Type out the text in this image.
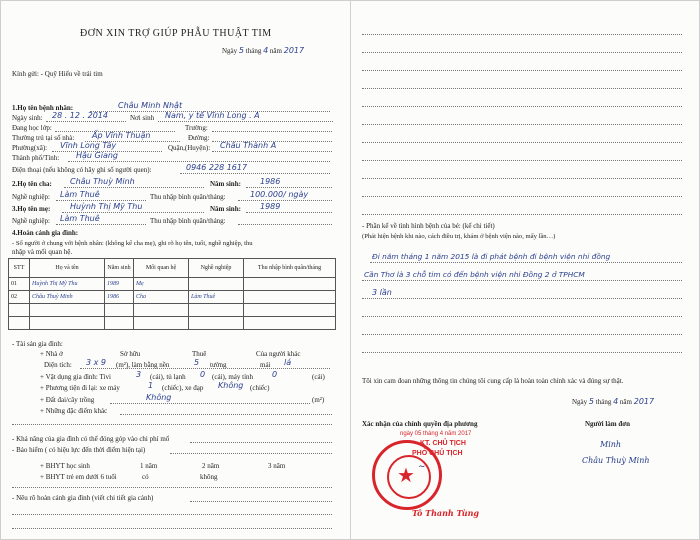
ĐƠN XIN TRỢ GIÚP PHẪU THUẬT TIM
Ngày 5 tháng 4 năm 2017
Kính gửi: - Quỹ Hiểu về trái tim
1.Họ tên bệnh nhân:	Châu Minh Nhật
Ngày sinh: 28 . 12 . 2014	Nơi sinh Nam, y tế Vĩnh Long . A
Đang học lớp:	Trường:
Thường trú tại số nhà: Ấp Vĩnh Thuận	Đường:
Phường(xã): Vĩnh Long Tây	Quận,(Huyện): Châu Thành A
Thành phố/Tỉnh: Hậu Giang
Điện thoại (nếu không có hãy ghi số người quen):	0946 228 1617
2.Họ tên cha: Châu Thuỳ Minh	Năm sinh: 1986
Nghề nghiệp: Làm Thuê	Thu nhập bình quân/tháng:	100.000/ ngày
3.Họ tên mẹ: Huỳnh Thị Mỹ Thu	Năm sinh: 1989
Nghề nghiệp: Làm Thuê	Thu nhập bình quân/tháng:
4.Hoàn cảnh gia đình:
- Số người ở chung với bệnh nhân: (không kể cha mẹ), ghi rõ họ tên, tuổi, nghề nghiệp, thu
nhập và mối quan hệ.
STT	Họ và tên	Năm sinh	Mối quan hệ	Nghề nghiệp	Thu nhập bình quân/tháng
01	Huỳnh Thị Mỹ Thu	1989	Mẹ		
02	Châu Thuỳ Minh	1986	Cha	Làm Thuê	

- Tài sản gia đình:
Sở hữu	Thuê	Của người khác
+ Nhà ở
Diện tích: 3 x 9 (m²), làm bằng nền	5 tường	mái lá
+ Vật dụng gia đình: Tivi	3 (cái), tủ lạnh 0 (cái), máy tính 0	(cái)
+ Phương tiện đi lại: xe máy	1 (chiếc), xe đạp Không (chiếc)
+ Đất đai/cây trồng	Không	(m²)
+ Những đặc điểm khác
- Khả năng của gia đình có thể đóng góp vào chi phí mổ
- Bảo hiểm ( có hiệu lực đến thời điểm hiện tại)
+ BHYT học sinh	1 năm	2 năm	3 năm
+ BHYT trẻ em dưới 6 tuổi	có	không
- Nêu rõ hoàn cảnh gia đình (viết chi tiết gia cảnh)
- Phần kể về tình hình bệnh của bé: (kể chi tiết)
(Phát hiện bệnh khi nào, cách điều trị, khám ở bệnh viện nào, mấy lần…)
Đi năm tháng 1 năm 2015 là đi phát bệnh đi bệnh viện nhi đồng
Cần Thơ là 3 chỗ tim có đến bệnh viện nhi Đồng 2 ở TPHCM
3 lần
Tôi xin cam đoan những thông tin chúng tôi cung cấp là hoàn toàn chính xác và đúng sự thật.
Ngày 5 tháng 4 năm 2017
Xác nhận của chính quyền địa phương	Người làm đơn
ngày 05 tháng 4 năm 2017
★
KT. CHỦ TỊCH
PHÓ CHỦ TỊCH
~
Tô Thanh Tùng
Minh
Châu Thuỳ Minh
